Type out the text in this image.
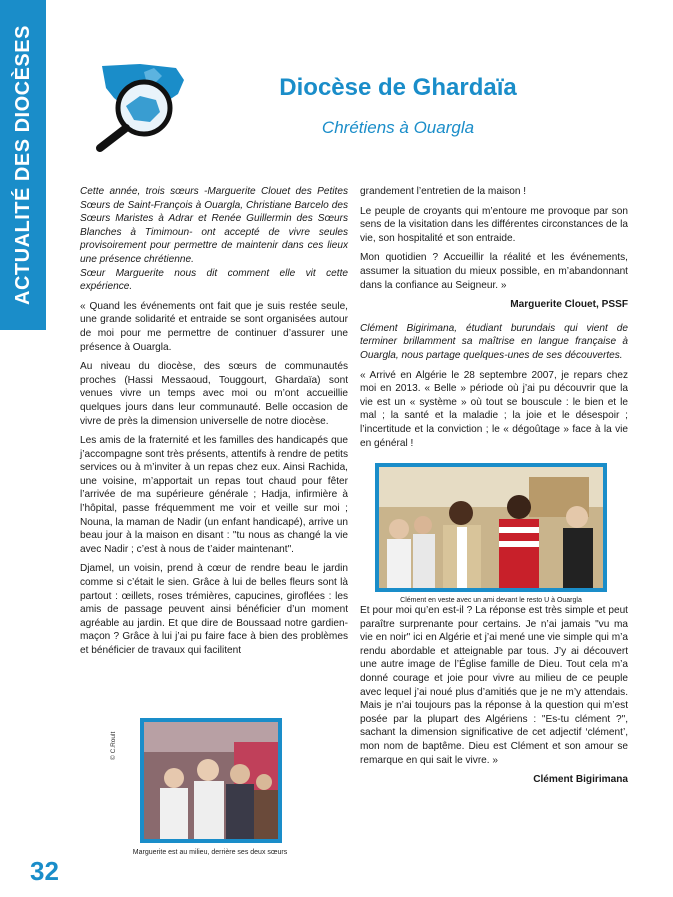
ACTUALITÉ DES DIOCÈSES	Diocèse de Ghardaïa
Chrétiens à Ouargla

Cette année, trois sœurs -Marguerite Clouet des Petites Sœurs de Saint-François à Ouargla, Christiane Barcelo des Sœurs Maristes à Adrar et Renée Guillermin des Sœurs Blanches à Timimoun- ont accepté de vivre seules provisoirement pour permettre de maintenir dans ces lieux une présence chrétienne.

Sœur Marguerite nous dit comment elle vit cette expérience.

« Quand les événements ont fait que je suis restée seule, une grande solidarité et entraide se sont organisées autour de moi pour me permettre de continuer d’assurer une présence à Ouargla.

Au niveau du diocèse, des sœurs de communautés proches (Hassi Messaoud, Touggourt, Ghardaïa) sont venues vivre un temps avec moi ou m’ont accueillie quelques jours dans leur communauté. Belle occasion de vivre de près la dimension universelle de notre diocèse.

Les amis de la fraternité et les familles des handicapés que j’accompagne sont très présents, attentifs à rendre de petits services ou à m’inviter à un repas chez eux. Ainsi Rachida, une voisine, m’apportait un repas tout chaud pour fêter l’arrivée de ma supérieure générale ; Hadja, infirmière à l’hôpital, passe fréquemment me voir et veille sur moi ; Nouna, la maman de Nadir (un enfant handicapé), arrive un beau jour à la maison en disant : "tu nous as changé la vie avec Nadir ; c’est à nous de t’aider maintenant".

Djamel, un voisin, prend à cœur de rendre beau le jardin comme si c’était le sien. Grâce à lui de belles fleurs sont là partout : œillets, roses trémières, capucines, giroflées : les amis de passage peuvent ainsi bénéficier d’un moment agréable au jardin. Et que dire de Boussaad notre gardien-maçon ? Grâce à lui j’ai pu faire face à bien des problèmes et bénéficier de travaux qui facilitent

grandement l’entretien de la maison !

Le peuple de croyants qui m’entoure me provoque par son sens de la visitation dans les différentes circonstances de la vie, son hospitalité et son entraide.

Mon quotidien ? Accueillir la réalité et les événements, assumer la situation du mieux possible, en m’abandonnant dans la confiance au Seigneur. »

Marguerite Clouet, PSSF

Clément Bigirimana, étudiant burundais qui vient de terminer brillamment sa maîtrise en langue française à Ouargla, nous partage quelques-unes de ses découvertes.

« Arrivé en Algérie le 28 septembre 2007, je repars chez moi en 2013. « Belle » période où j’ai pu découvrir que la vie est un « système » où tout se bouscule : le bien et le mal ; la santé et la maladie ; la joie et le désespoir ; l’incertitude et la conviction ; le « dégoûtage » face à la vie en général !

Et pour moi qu’en est-il ? La réponse est très simple et peut paraître surprenante pour certains. Je n’ai jamais "vu ma vie en noir" ici en Algérie et j’ai mené une vie simple qui m’a rendu abordable et atteignable par tous. J’y ai découvert une autre image de l’Église famille de Dieu. Tout cela m’a donné courage et joie pour vivre au milieu de ce peuple avec lequel j’ai noué plus d’amitiés que je ne m’y attendais. Mais je n’ai toujours pas la réponse à la question qui m’est posée par la plupart des Algériens : "Es-tu clément ?", sachant la dimension significative de cet adjectif ‘clément’, mon nom de baptême. Dieu est Clément et son amour se remarque en qui sait le vivre. »

Clément Bigirimana

Clément en veste avec un ami devant le resto U à Ouargla
© C.Roult
Marguerite est au milieu, derrière ses deux sœurs
32
